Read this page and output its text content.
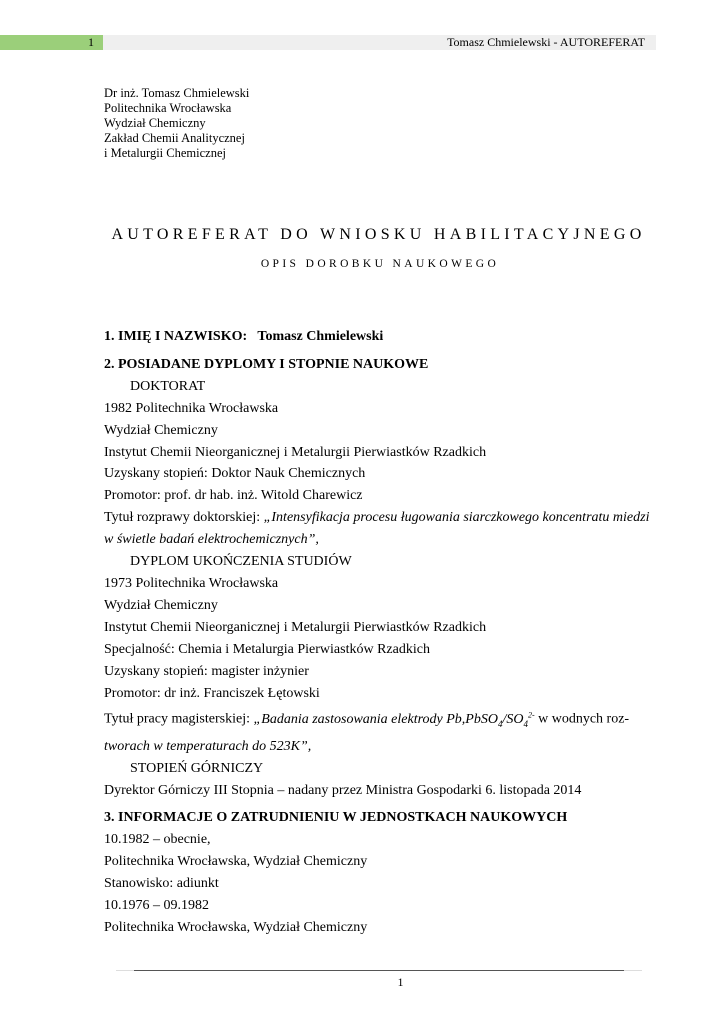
1	Tomasz Chmielewski - AUTOREFERAT
Dr inż. Tomasz Chmielewski
Politechnika Wrocławska
Wydział Chemiczny
Zakład Chemii Analitycznej
i Metalurgii Chemicznej
AUTOREFERAT DO WNIOSKU HABILITACYJNEGO
OPIS DOROBKU NAUKOWEGO
1. IMIĘ I NAZWISKO: Tomasz Chmielewski
2. POSIADANE DYPLOMY I STOPNIE NAUKOWE
DOKTORAT
1982 Politechnika Wrocławska
Wydział Chemiczny
Instytut Chemii Nieorganicznej i Metalurgii Pierwiastków Rzadkich
Uzyskany stopień: Doktor Nauk Chemicznych
Promotor: prof. dr hab. inż. Witold Charewicz
Tytuł rozprawy doktorskiej: „Intensyfikacja procesu ługowania siarczkowego koncentratu miedzi w świetle badań elektrochemicznych”,
DYPLOM UKOŃCZENIA STUDIÓW
1973 Politechnika Wrocławska
Wydział Chemiczny
Instytut Chemii Nieorganicznej i Metalurgii Pierwiastków Rzadkich
Specjalność: Chemia i Metalurgia Pierwiastków Rzadkich
Uzyskany stopień: magister inżynier
Promotor: dr inż. Franciszek Łętowski
Tytuł pracy magisterskiej: „Badania zastosowania elektrody $Pb,PbSO_4/SO_4^{2-}$ w wodnych roz-
tworach w temperaturach do 523K”,
STOPIEŃ GÓRNICZY
Dyrektor Górniczy III Stopnia – nadany przez Ministra Gospodarki 6. listopada 2014
3. INFORMACJE O ZATRUDNIENIU W JEDNOSTKACH NAUKOWYCH
10.1982 – obecnie,
Politechnika Wrocławska, Wydział Chemiczny
Stanowisko: adiunkt
10.1976 – 09.1982
Politechnika Wrocławska, Wydział Chemiczny
1
